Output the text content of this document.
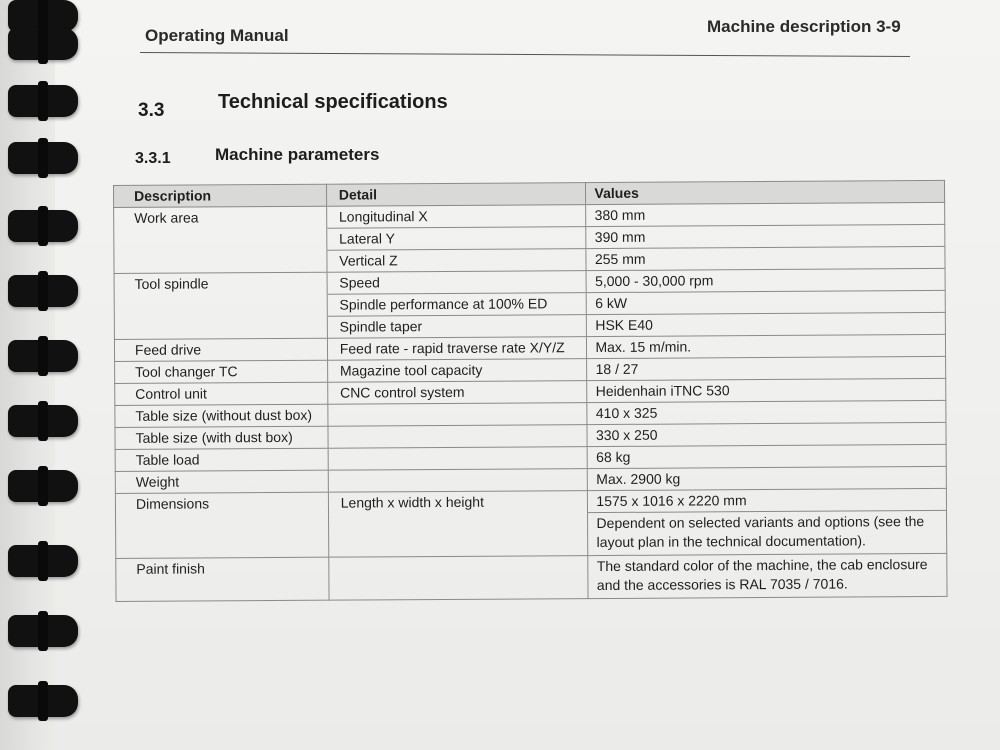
Operating Manual	Machine description 3-9
3.3	Technical specifications
3.3.1	Machine parameters
Description	Detail	Values
Work area	Longitudinal X	380 mm
	Lateral Y	390 mm
	Vertical Z	255 mm
Tool spindle	Speed	5,000 - 30,000 rpm
	Spindle performance at 100% ED	6 kW
	Spindle taper	HSK E40
Feed drive	Feed rate - rapid traverse rate X/Y/Z	Max. 15 m/min.
Tool changer TC	Magazine tool capacity	18 / 27
Control unit	CNC control system	Heidenhain iTNC 530
Table size (without dust box)		410 x 325
Table size (with dust box)		330 x 250
Table load		68 kg
Weight		Max. 2900 kg
Dimensions	Length x width x height	1575 x 1016 x 2220 mm
		Dependent on selected variants and options (see the layout plan in the technical documentation).
Paint finish		The standard color of the machine, the cab enclosure and the accessories is RAL 7035 / 7016.
